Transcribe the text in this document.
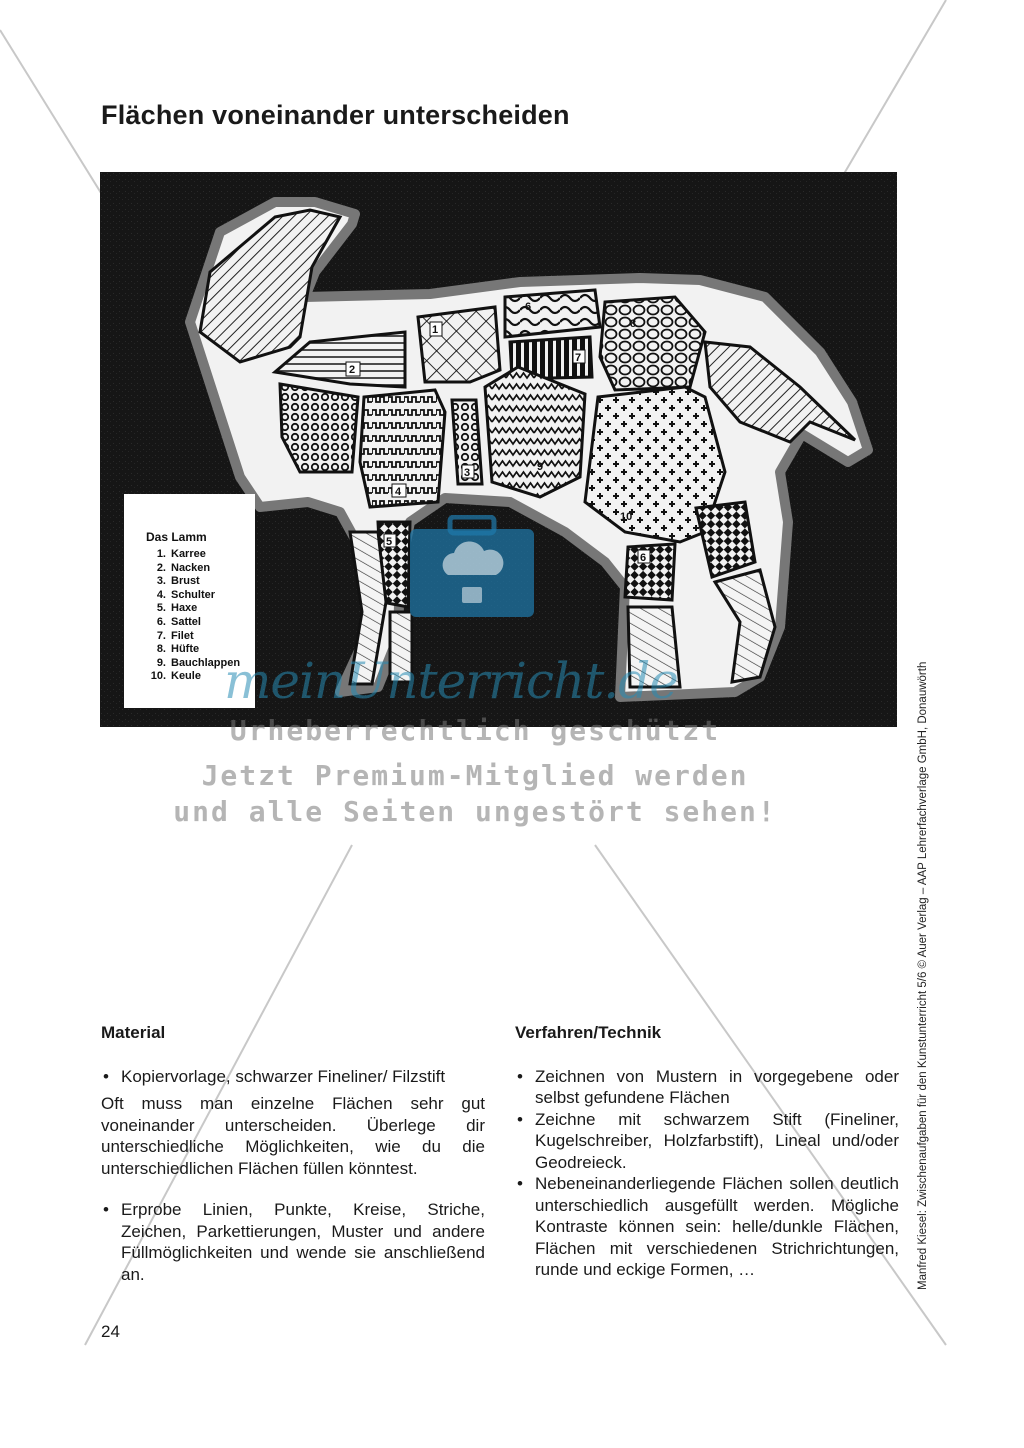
Flächen voneinander unterscheiden
1
2
3
4
5
6
7
8
9
10
6
Das Lamm
1. Karree
2. Nacken
3. Brust
4. Schulter
5. Haxe
6. Sattel
7. Filet
8. Hüfte
9. Bauchlappen
10. Keule meinUnterricht.de
Urheberrechtlich geschützt
Jetzt Premium-Mitglied werden
und alle Seiten ungestört sehen!
Material
• Kopiervorlage, schwarzer Fineliner/ Filzstift

Oft muss man einzelne Flächen sehr gut voneinander unterscheiden. Überlege dir unterschiedliche Möglichkeiten, wie du die unterschiedlichen Flächen füllen könntest.

• Erprobe Linien, Punkte, Kreise, Striche, Zeichen, Parkettierungen, Muster und andere Füllmöglichkeiten und wende sie anschließend an.
Verfahren/Technik
• Zeichnen von Mustern in vorgegebene oder selbst gefundene Flächen
• Zeichne mit schwarzem Stift (Fineliner, Kugelschreiber, Holzfarbstift), Lineal und/oder Geodreieck.
• Nebeneinanderliegende Flächen sollen deutlich unterschiedlich ausgefüllt werden. Mögliche Kontraste können sein: helle/dunkle Flächen, Flächen mit verschiedenen Strichrichtungen, runde und eckige Formen, …
24
Manfred Kiesel: Zwischenaufgaben für den Kunstunterricht 5/6 © Auer Verlag – AAP Lehrerfachverlage GmbH, Donauwörth
